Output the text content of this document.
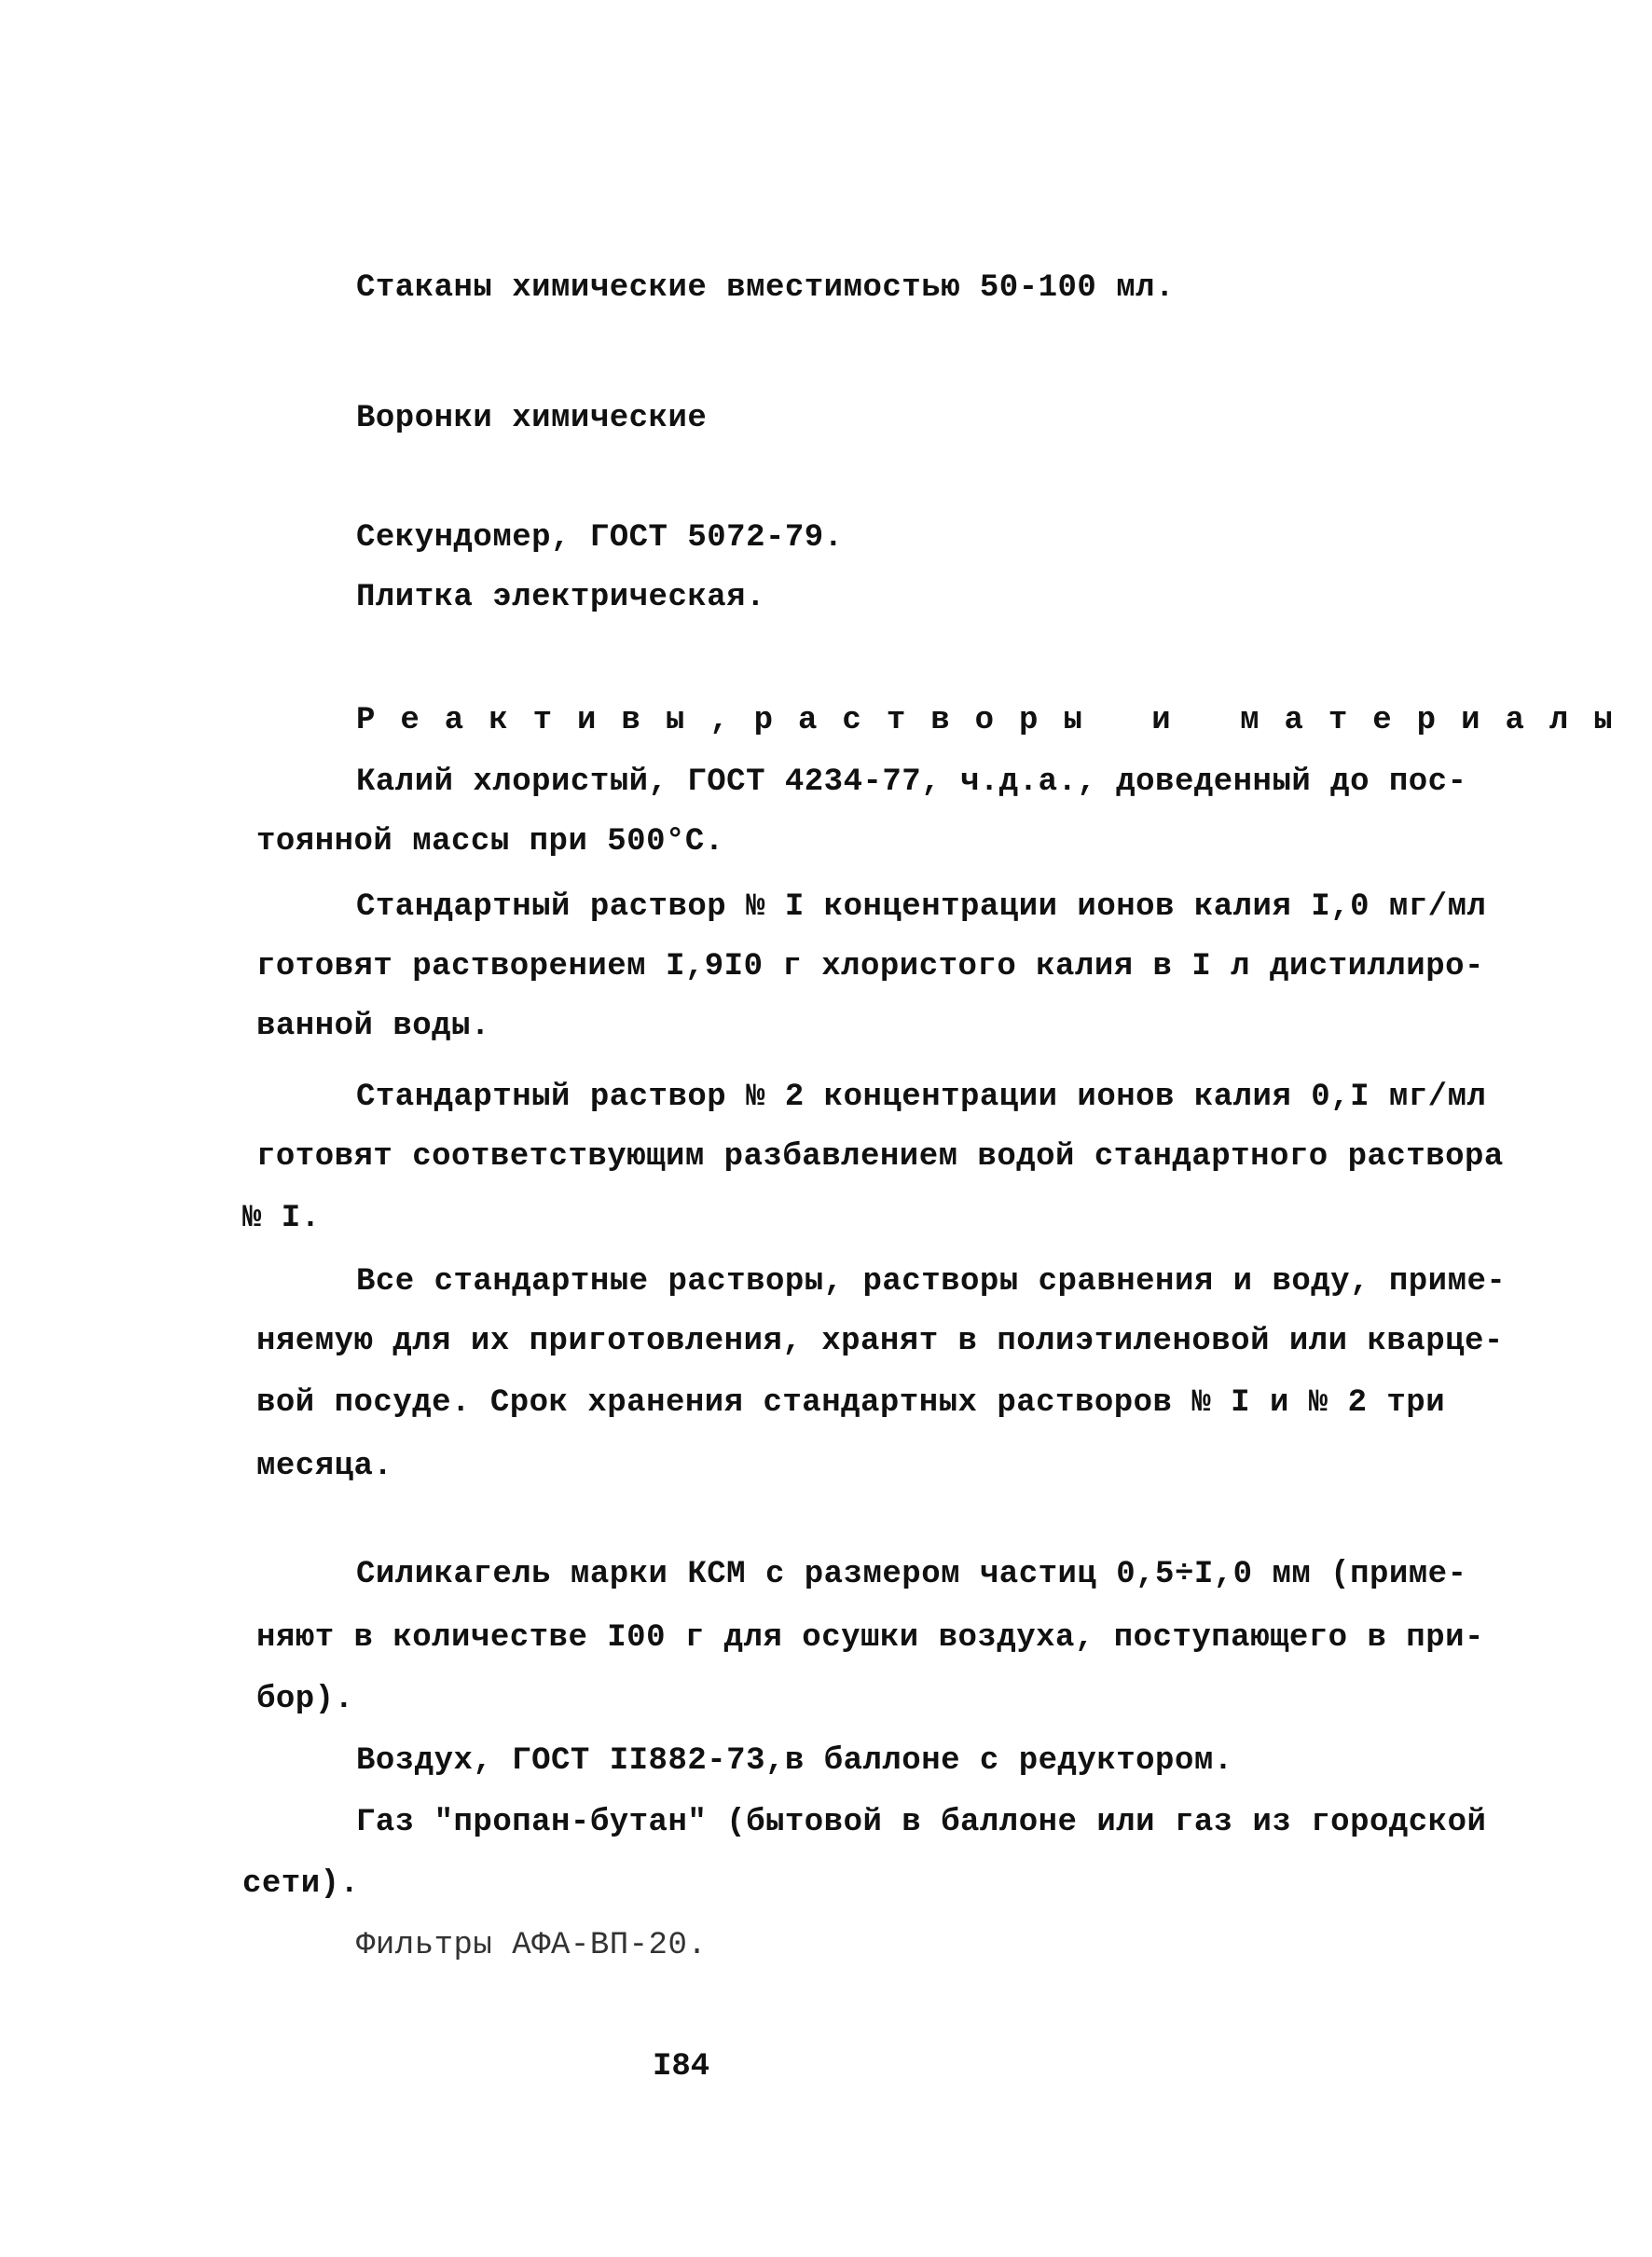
Стаканы химические вместимостью 50-100 мл.
Воронки химические
Секундомер, ГОСТ 5072-79.
Плитка электрическая.
Реактивы,растворы и материалы
Калий хлористый, ГОСТ 4234-77, ч.д.а., доведенный до пос-
тоянной массы при 500°С.
Стандартный раствор № I концентрации ионов калия I,0 мг/мл
готовят растворением I,9I0 г хлористого калия в I л дистиллиро-
ванной воды.
Стандартный раствор № 2 концентрации ионов калия 0,I мг/мл
готовят соответствующим разбавлением водой стандартного раствора
№ I.
Все стандартные растворы, растворы сравнения и воду, приме-
няемую для их приготовления, хранят в полиэтиленовой или кварце-
вой посуде. Срок хранения стандартных растворов № I и № 2 три
месяца.
Силикагель марки КСМ с размером частиц 0,5÷I,0 мм (приме-
няют в количестве I00 г для осушки воздуха, поступающего в при-
бор).
Воздух, ГОСТ II882-73,в баллоне с редуктором.
Газ "пропан-бутан" (бытовой в баллоне или газ из городской
сети).
Фильтры АФА-ВП-20.
I84
